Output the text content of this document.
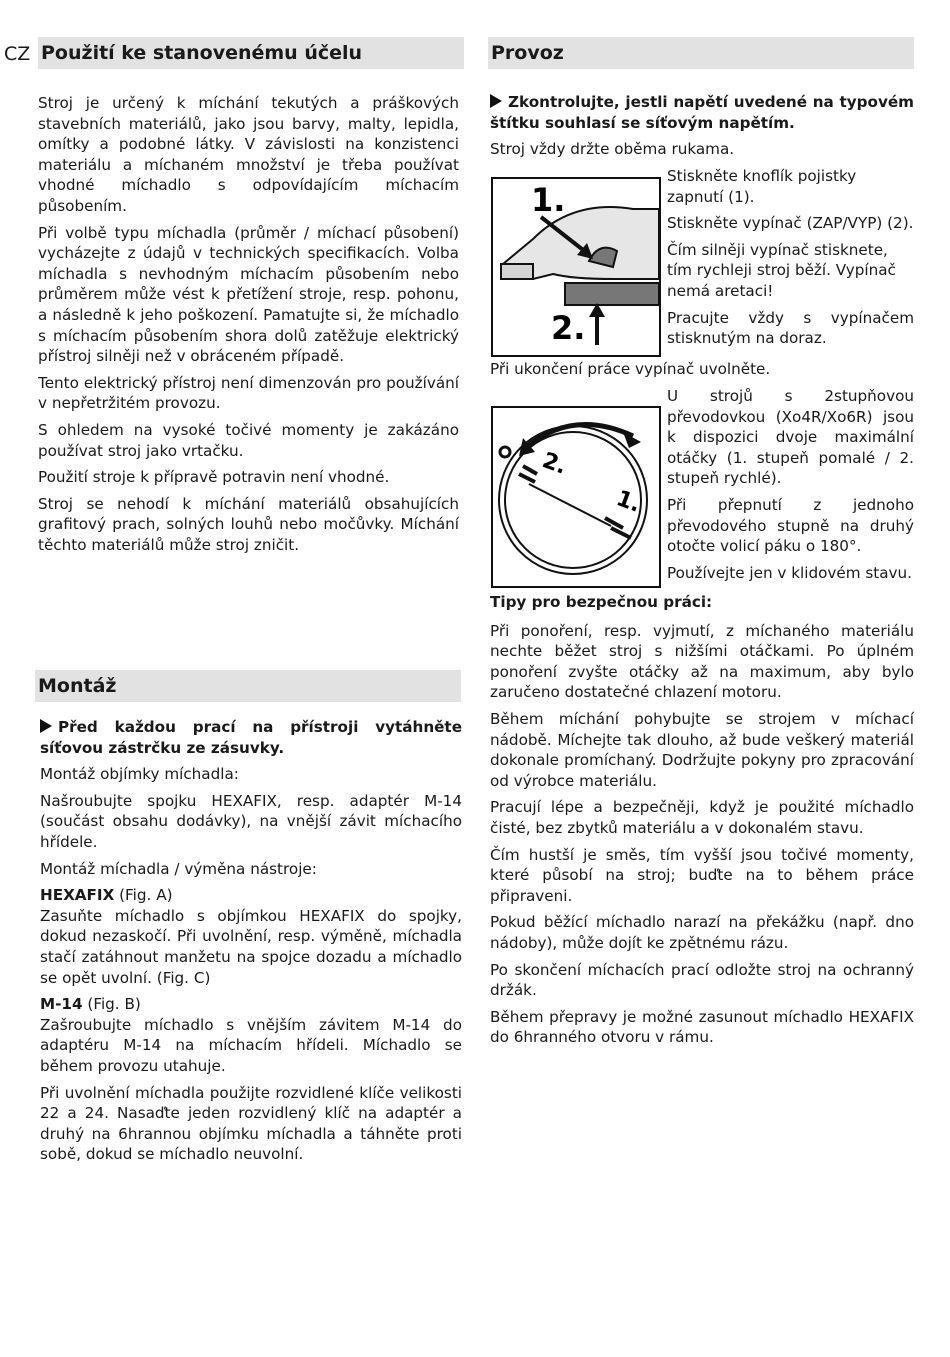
CZ Použití ke stanovenému účelu

Stroj je určený k míchání tekutých a práškových stavebních materiálů, jako jsou barvy, malty, lepidla, omítky a podobné látky. V závislosti na konzistenci materiálu a míchaném množství je třeba používat vhodné míchadlo s odpovídajícím míchacím působením.

Při volbě typu míchadla (průměr / míchací působení) vycházejte z údajů v technických specifikacích. Volba míchadla s nevhodným míchacím působením nebo průměrem může vést k přetížení stroje, resp. pohonu, a následně k jeho poškození. Pamatujte si, že míchadlo s míchacím působením shora dolů zatěžuje elektrický přístroj silněji než v obráceném případě.

Tento elektrický přístroj není dimenzován pro používání v nepřetržitém provozu.

S ohledem na vysoké točivé momenty je zakázáno používat stroj jako vrtačku.

Použití stroje k přípravě potravin není vhodné.

Stroj se nehodí k míchání materiálů obsahujících grafitový prach, solných louhů nebo močůvky. Míchání těchto materiálů může stroj zničit.

Montáž

Před každou prací na přístroji vytáhněte síťovou zástrčku ze zásuvky.

Montáž objímky míchadla:

Našroubujte spojku HEXAFIX, resp. adaptér M-14 (součást obsahu dodávky), na vnější závit míchacího hřídele.

Montáž míchadla / výměna nástroje:

HEXAFIX (Fig. A)

Zasuňte míchadlo s objímkou HEXAFIX do spojky, dokud nezaskočí. Při uvolnění, resp. výměně, míchadla stačí zatáhnout manžetu na spojce dozadu a míchadlo se opět uvolní. (Fig. C)

M-14 (Fig. B)

Zašroubujte míchadlo s vnějším závitem M-14 do adaptéru M-14 na míchacím hřídeli. Míchadlo se během provozu utahuje.

Při uvolnění míchadla použijte rozvidlené klíče velikosti 22 a 24. Nasaďte jeden rozvidlený klíč na adaptér a druhý na 6hrannou objímku míchadla a táhněte proti sobě, dokud se míchadlo neuvolní.

Provoz

Zkontrolujte, jestli napětí uvedené na typovém štítku souhlasí se síťovým napětím.

Stroj vždy držte oběma rukama.

1.
2.

Stiskněte knoflík pojistky zapnutí (1).

Stiskněte vypínač (ZAP/VYP) (2).

Čím silněji vypínač stisknete, tím rychleji stroj běží. Vypínač nemá aretaci!

Pracujte vždy s vypínačem stisknutým na doraz.

Při ukončení práce vypínač uvolněte.

2.
1.

U strojů s 2stupňovou převodovkou (Xo4R/Xo6R) jsou k dispozici dvoje maximální otáčky (1. stupeň pomalé / 2. stupeň rychlé).

Při přepnutí z jednoho převodového stupně na druhý otočte volicí páku o 180°.

Používejte jen v klidovém stavu.

Tipy pro bezpečnou práci:

Při ponoření, resp. vyjmutí, z míchaného materiálu nechte běžet stroj s nižšími otáčkami. Po úplném ponoření zvyšte otáčky až na maximum, aby bylo zaručeno dostatečné chlazení motoru.

Během míchání pohybujte se strojem v míchací nádobě. Míchejte tak dlouho, až bude veškerý materiál dokonale promíchaný. Dodržujte pokyny pro zpracování od výrobce materiálu.

Pracují lépe a bezpečněji, když je použité míchadlo čisté, bez zbytků materiálu a v dokonalém stavu.

Čím hustší je směs, tím vyšší jsou točivé momenty, které působí na stroj; buďte na to během práce připraveni.

Pokud běžící míchadlo narazí na překážku (např. dno nádoby), může dojít ke zpětnému rázu.

Po skončení míchacích prací odložte stroj na ochranný držák.

Během přepravy je možné zasunout míchadlo HEXAFIX do 6hranného otvoru v rámu.
